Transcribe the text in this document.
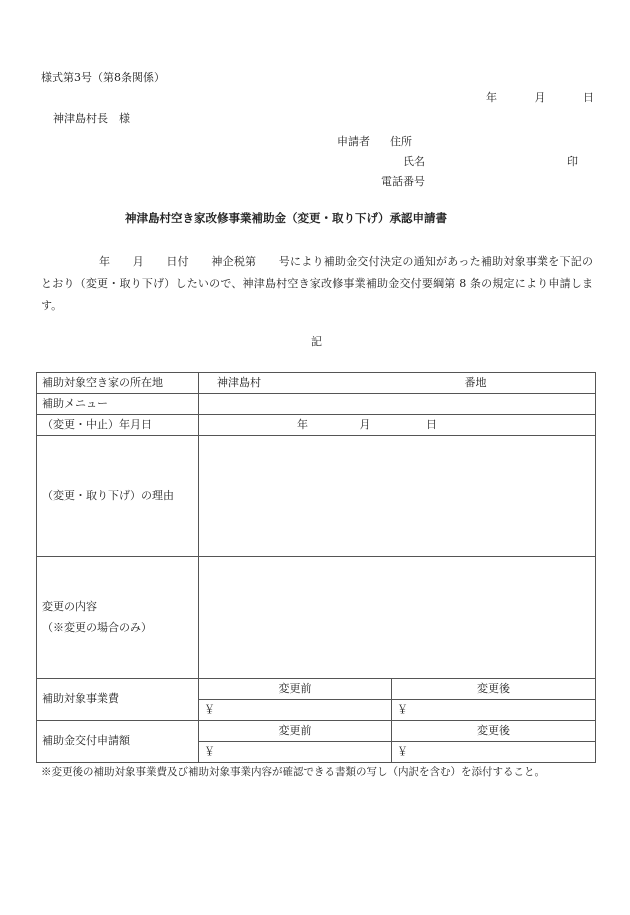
様式第3号（第8条関係）
年	月	日
神津島村長　様
申請者 住所
氏名	印
電話番号
神津島村空き家改修事業補助金（変更・取り下げ）承認申請書
年　　月　　日付　　神企税第　　号により補助金交付決定の通知があった補助対象事業を下記のとおり（変更・取り下げ）したいので、神津島村空き家改修事業補助金交付要綱第 8 条の規定により申請します。
記
補助対象空き家の所在地	神津島村 番地	
補助メニュー		
（変更・中止）年月日	年 月 日	
（変更・取り下げ）の理由		

変更の内容
（※変更の場合のみ）		

補助対象事業費	変更前	変更後
	￥	￥
補助金交付申請額	変更前	変更後
	￥	￥
※変更後の補助対象事業費及び補助対象事業内容が確認できる書類の写し（内訳を含む）を添付すること。
